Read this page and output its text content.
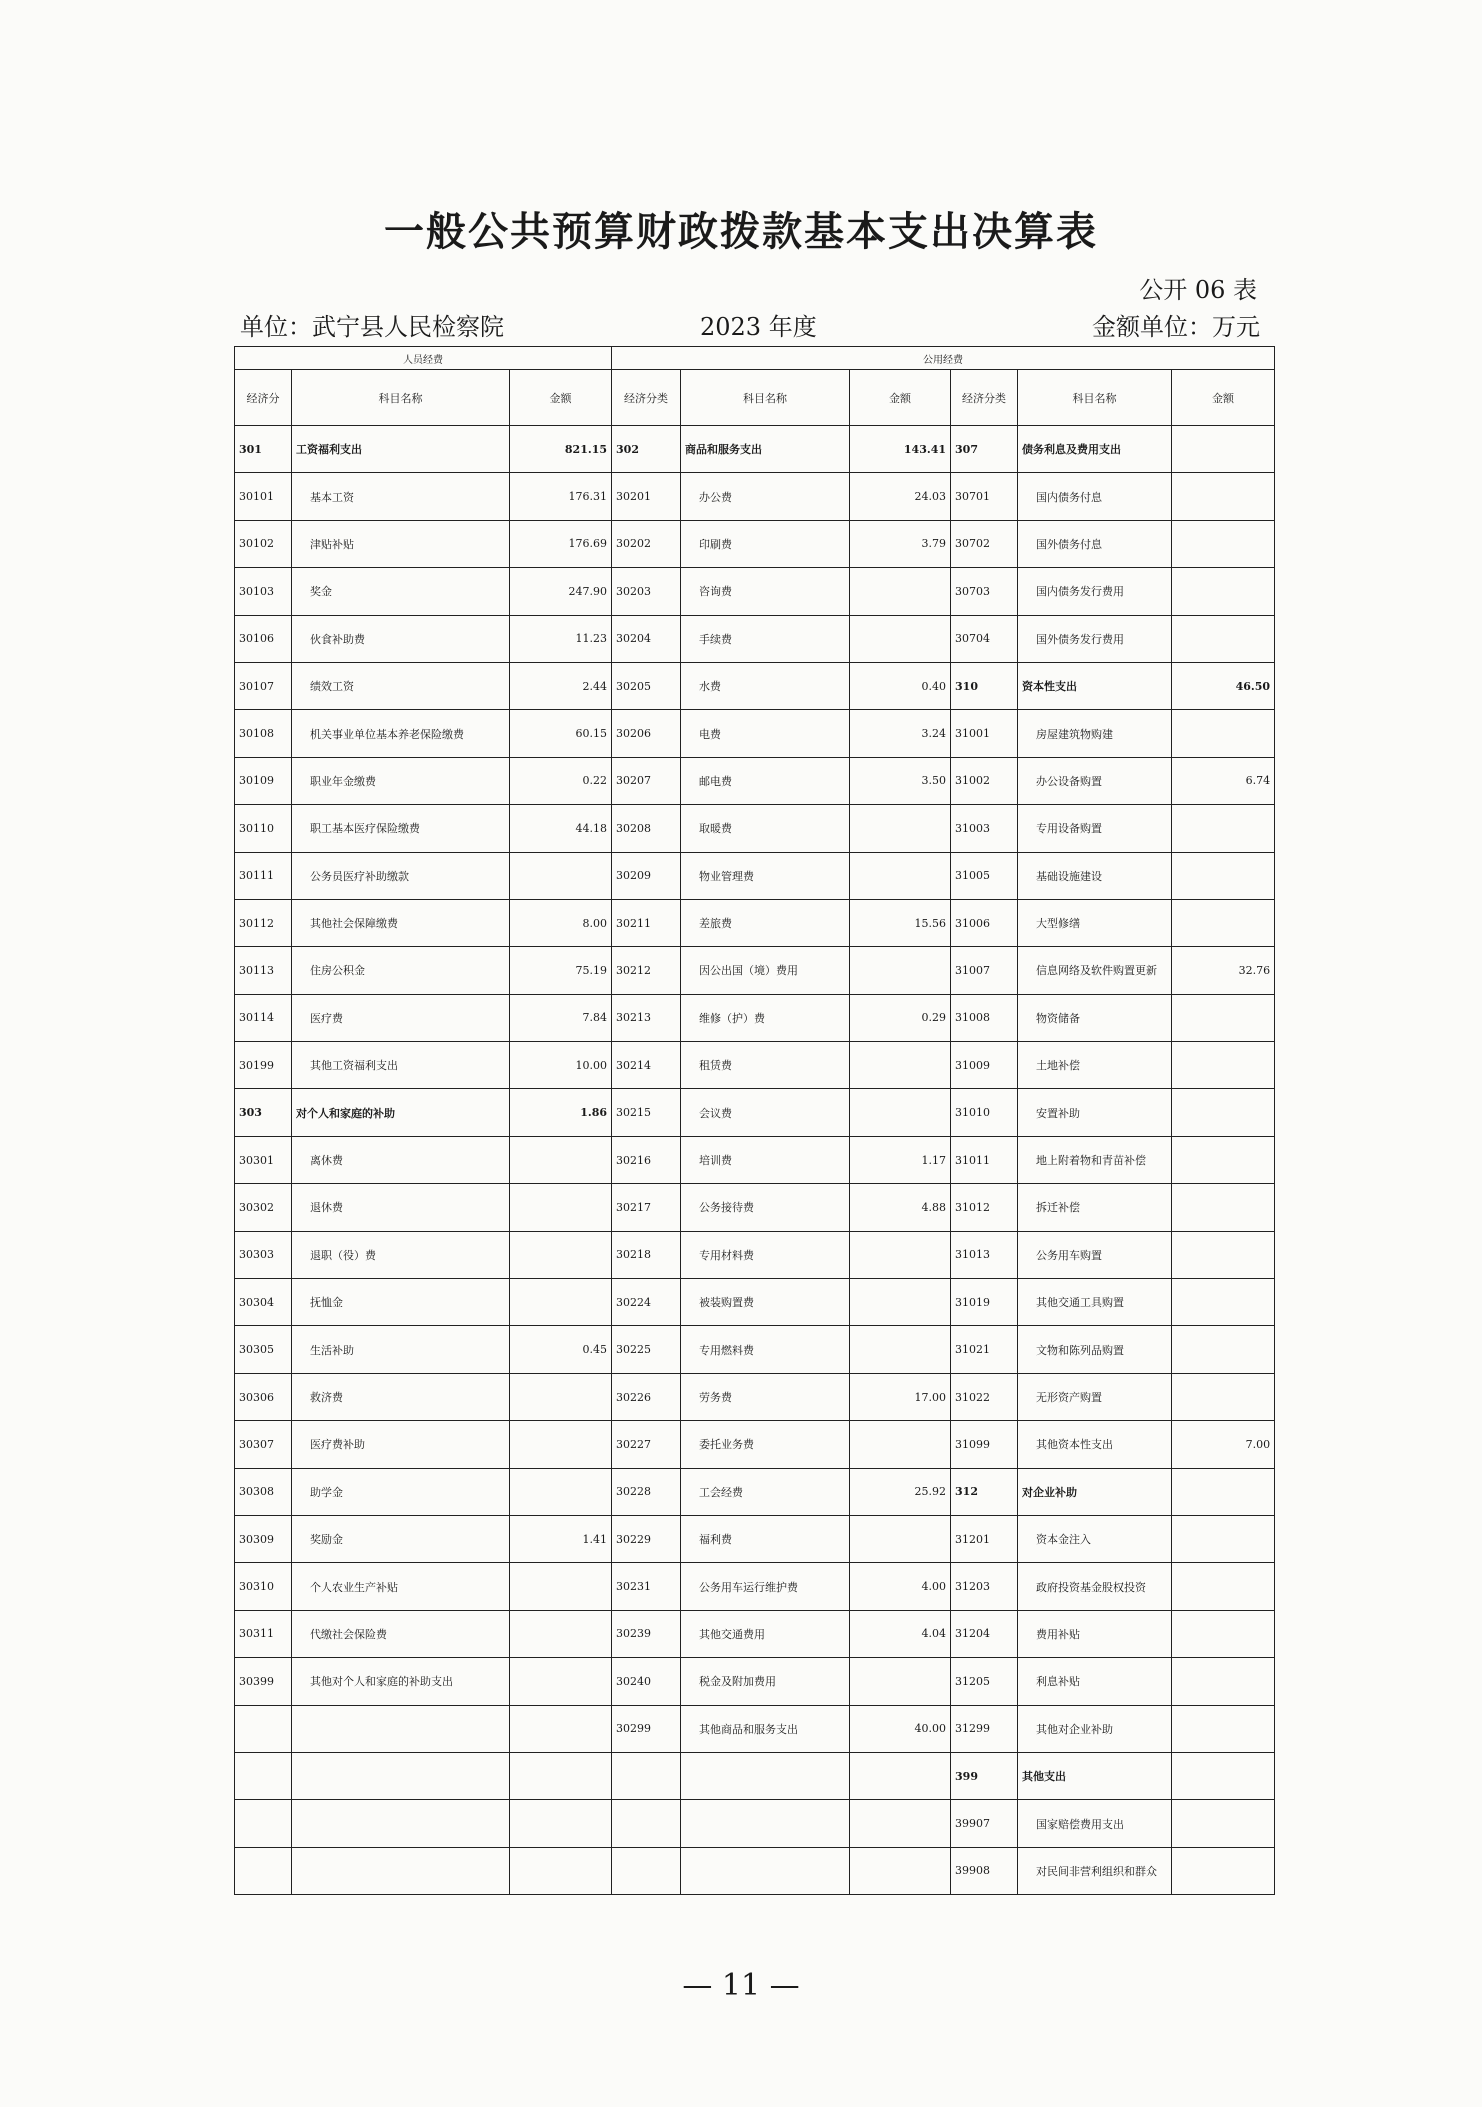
一般公共预算财政拨款基本支出决算表
公开 06 表
单位：武宁县人民检察院	2023 年度	金额单位：万元
人员经费			公用经费					
经济分	科目名称	金额	经济分类	科目名称	金额	经济分类	科目名称	金额
301	工资福利支出	821.15	302	商品和服务支出	143.41	307	债务利息及费用支出	
30101	基本工资	176.31	30201	办公费	24.03	30701	国内债务付息	
30102	津贴补贴	176.69	30202	印刷费	3.79	30702	国外债务付息	
30103	奖金	247.90	30203	咨询费		30703	国内债务发行费用	
30106	伙食补助费	11.23	30204	手续费		30704	国外债务发行费用	
30107	绩效工资	2.44	30205	水费	0.40	310	资本性支出	46.50
30108	机关事业单位基本养老保险缴费	60.15	30206	电费	3.24	31001	房屋建筑物购建	
30109	职业年金缴费	0.22	30207	邮电费	3.50	31002	办公设备购置	6.74
30110	职工基本医疗保险缴费	44.18	30208	取暖费		31003	专用设备购置	
30111	公务员医疗补助缴款		30209	物业管理费		31005	基础设施建设	
30112	其他社会保障缴费	8.00	30211	差旅费	15.56	31006	大型修缮	
30113	住房公积金	75.19	30212	因公出国（境）费用		31007	信息网络及软件购置更新	32.76
30114	医疗费	7.84	30213	维修（护）费	0.29	31008	物资储备	
30199	其他工资福利支出	10.00	30214	租赁费		31009	土地补偿	
303	对个人和家庭的补助	1.86	30215	会议费		31010	安置补助	
30301	离休费		30216	培训费	1.17	31011	地上附着物和青苗补偿	
30302	退休费		30217	公务接待费	4.88	31012	拆迁补偿	
30303	退职（役）费		30218	专用材料费		31013	公务用车购置	
30304	抚恤金		30224	被装购置费		31019	其他交通工具购置	
30305	生活补助	0.45	30225	专用燃料费		31021	文物和陈列品购置	
30306	救济费		30226	劳务费	17.00	31022	无形资产购置	
30307	医疗费补助		30227	委托业务费		31099	其他资本性支出	7.00
30308	助学金		30228	工会经费	25.92	312	对企业补助	
30309	奖励金	1.41	30229	福利费		31201	资本金注入	
30310	个人农业生产补贴		30231	公务用车运行维护费	4.00	31203	政府投资基金股权投资	
30311	代缴社会保险费		30239	其他交通费用	4.04	31204	费用补贴	
30399	其他对个人和家庭的补助支出		30240	税金及附加费用		31205	利息补贴	
			30299	其他商品和服务支出	40.00	31299	其他对企业补助	
						399	其他支出	
						39907	国家赔偿费用支出	
						39908	对民间非营利组织和群众	
— 11 —
